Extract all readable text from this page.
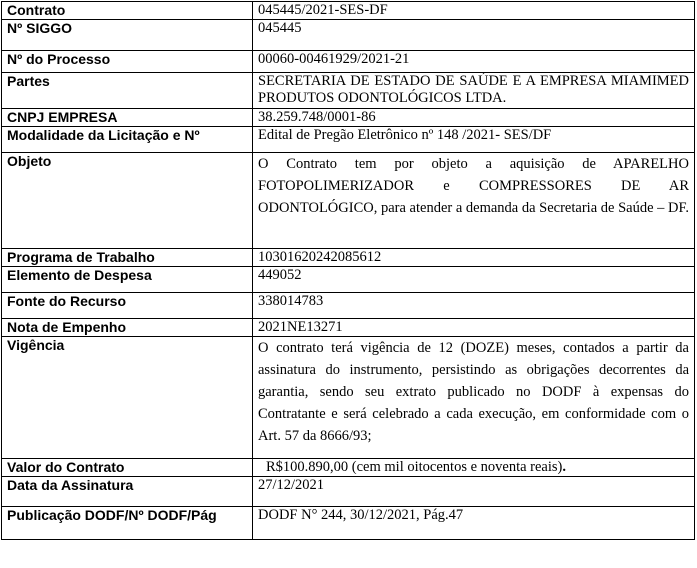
Contrato	045445/2021-SES-DF
Nº SIGGO	045445
Nº do Processo	00060-00461929/2021-21
Partes	SECRETARIA DE ESTADO DE SAÚDE E A EMPRESA MIAMIMED PRODUTOS ODONTOLÓGICOS LTDA.
CNPJ EMPRESA	38.259.748/0001-86
Modalidade da Licitação e Nº	Edital de Pregão Eletrônico nº 148 /2021- SES/DF
Objeto	O Contrato tem por objeto a aquisição de APARELHO FOTOPOLIMERIZADOR e COMPRESSORES DE AR ODONTOLÓGICO, para atender a demanda da Secretaria de Saúde – DF.
Programa de Trabalho	10301620242085612
Elemento de Despesa	449052
Fonte do Recurso	338014783
Nota de Empenho	2021NE13271
Vigência	O contrato terá vigência de 12 (DOZE) meses, contados a partir da assinatura do instrumento, persistindo as obrigações decorrentes da garantia, sendo seu extrato publicado no DODF à expensas do Contratante e será celebrado a cada execução, em conformidade com o Art. 57 da 8666/93;
Valor do Contrato	R$100.890,00 (cem mil oitocentos e noventa reais).
Data da Assinatura	27/12/2021
Publicação DODF/Nº DODF/Pág	DODF N° 244, 30/12/2021, Pág.47
